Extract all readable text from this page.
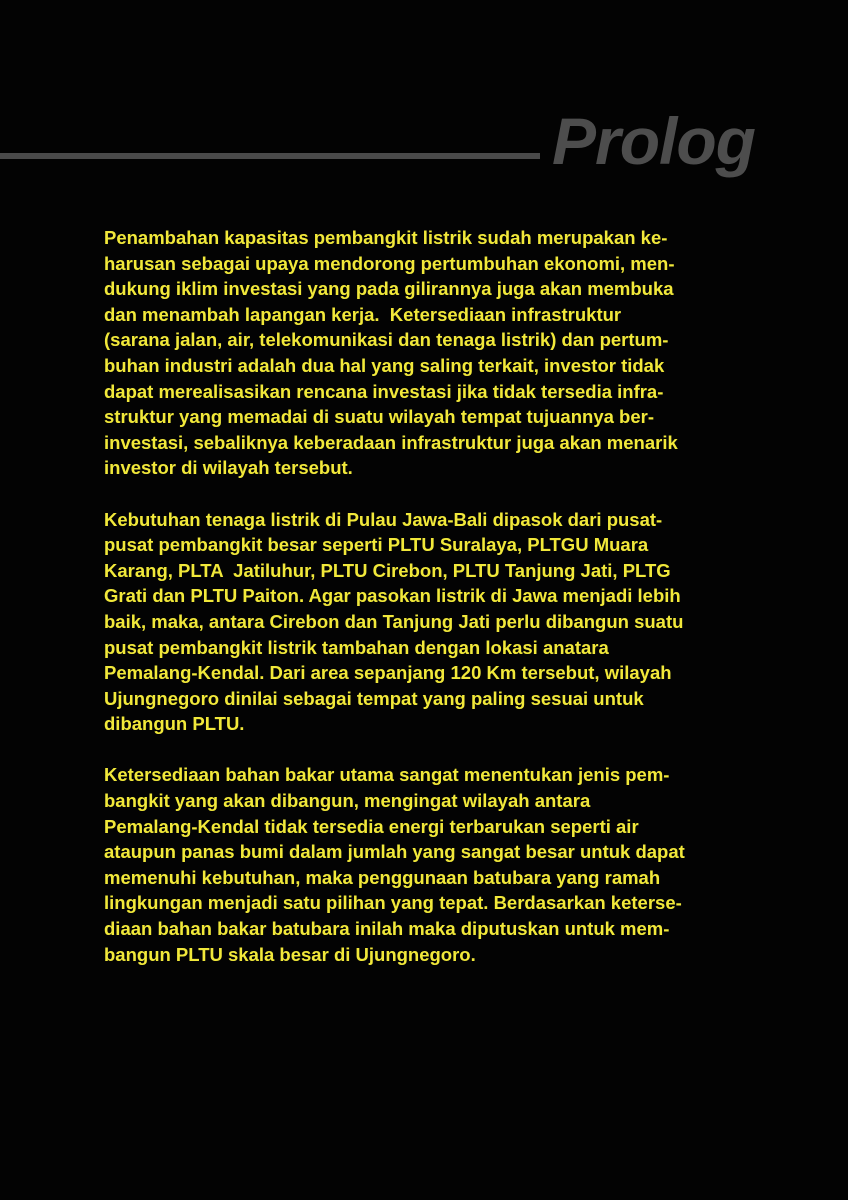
Prolog
Penambahan kapasitas pembangkit listrik sudah merupakan ke-
harusan sebagai upaya mendorong pertumbuhan ekonomi, men-
dukung iklim investasi yang pada gilirannya juga akan membuka
dan menambah lapangan kerja.  Ketersediaan infrastruktur
(sarana jalan, air, telekomunikasi dan tenaga listrik) dan pertum-
buhan industri adalah dua hal yang saling terkait, investor tidak
dapat merealisasikan rencana investasi jika tidak tersedia infra-
struktur yang memadai di suatu wilayah tempat tujuannya ber-
investasi, sebaliknya keberadaan infrastruktur juga akan menarik
investor di wilayah tersebut.
Kebutuhan tenaga listrik di Pulau Jawa-Bali dipasok dari pusat-
pusat pembangkit besar seperti PLTU Suralaya, PLTGU Muara
Karang, PLTA  Jatiluhur, PLTU Cirebon, PLTU Tanjung Jati, PLTG
Grati dan PLTU Paiton. Agar pasokan listrik di Jawa menjadi lebih
baik, maka, antara Cirebon dan Tanjung Jati perlu dibangun suatu
pusat pembangkit listrik tambahan dengan lokasi anatara
Pemalang-Kendal. Dari area sepanjang 120 Km tersebut, wilayah
Ujungnegoro dinilai sebagai tempat yang paling sesuai untuk
dibangun PLTU.
Ketersediaan bahan bakar utama sangat menentukan jenis pem-
bangkit yang akan dibangun, mengingat wilayah antara
Pemalang-Kendal tidak tersedia energi terbarukan seperti air
ataupun panas bumi dalam jumlah yang sangat besar untuk dapat
memenuhi kebutuhan, maka penggunaan batubara yang ramah
lingkungan menjadi satu pilihan yang tepat. Berdasarkan keterse-
diaan bahan bakar batubara inilah maka diputuskan untuk mem-
bangun PLTU skala besar di Ujungnegoro.
